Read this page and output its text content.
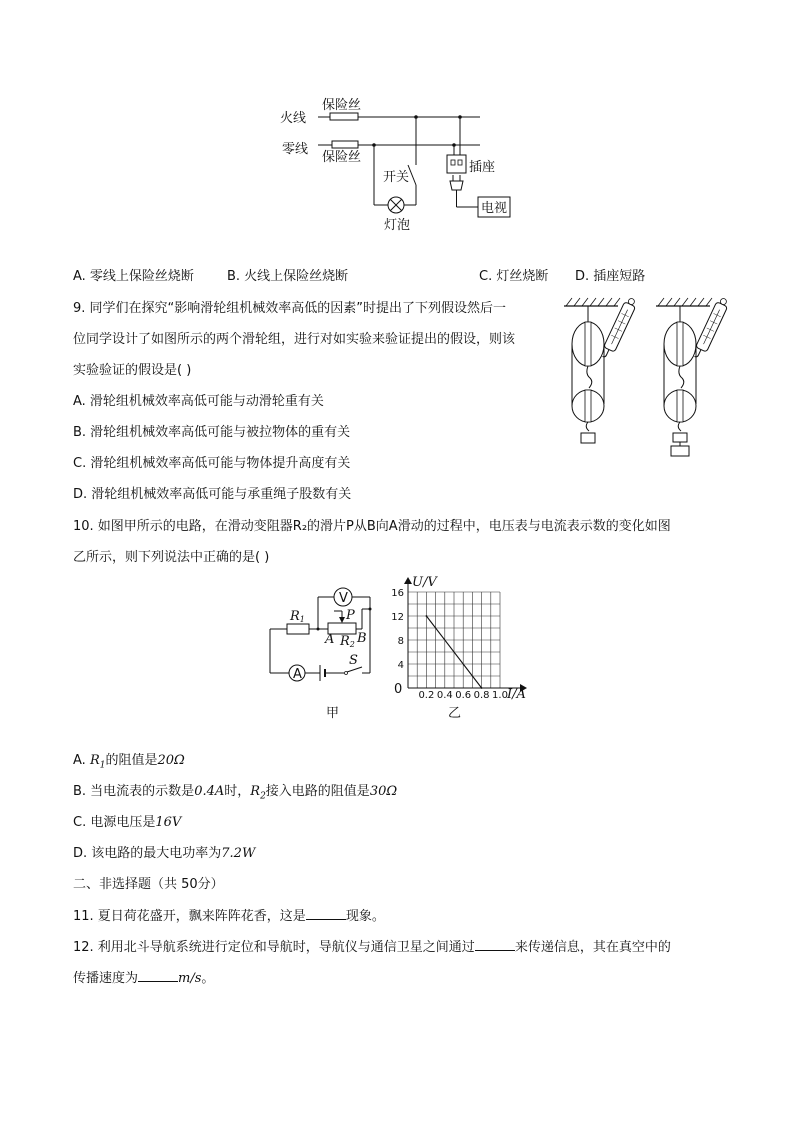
火线
零线
保险丝
保险丝
开关
灯泡
插座
电视
A. 零线上保险丝烧断	B. 火线上保险丝烧断	C. 灯丝烧断 D. 插座短路
9. 同学们在探究“影响滑轮组机械效率高低的因素”时提出了下列假设然后一
位同学设计了如图所示的两个滑轮组，进行对如实验来验证提出的假设，则该
实验验证的假设是( )
A. 滑轮组机械效率高低可能与动滑轮重有关
B. 滑轮组机械效率高低可能与被拉物体的重有关
C. 滑轮组机械效率高低可能与物体提升高度有关
D. 滑轮组机械效率高低可能与承重绳子股数有关
10. 如图甲所示的电路，在滑动变阻器R₂的滑片P从B向A滑动的过程中，电压表与电流表示数的变化如图
乙所示，则下列说法中正确的是( )
V
A
R1	P
R2
A B
S
甲
4
8
12
16
0.2 0.4 0.6 0.8 1.0
U/V
I/A
0
乙
A. $R_1$的阻值是20Ω
B. 当电流表的示数是0.4A时，$R_2$接入电路的阻值是30Ω
C. 电源电压是16V
D. 该电路的最大电功率为7.2W
二、非选择题（共 50分）
11. 夏日荷花盛开，飘来阵阵花香，这是	现象。
12. 利用北斗导航系统进行定位和导航时，导航仪与通信卫星之间通过	来传递信息，其在真空中的
传播速度为	m/s。
